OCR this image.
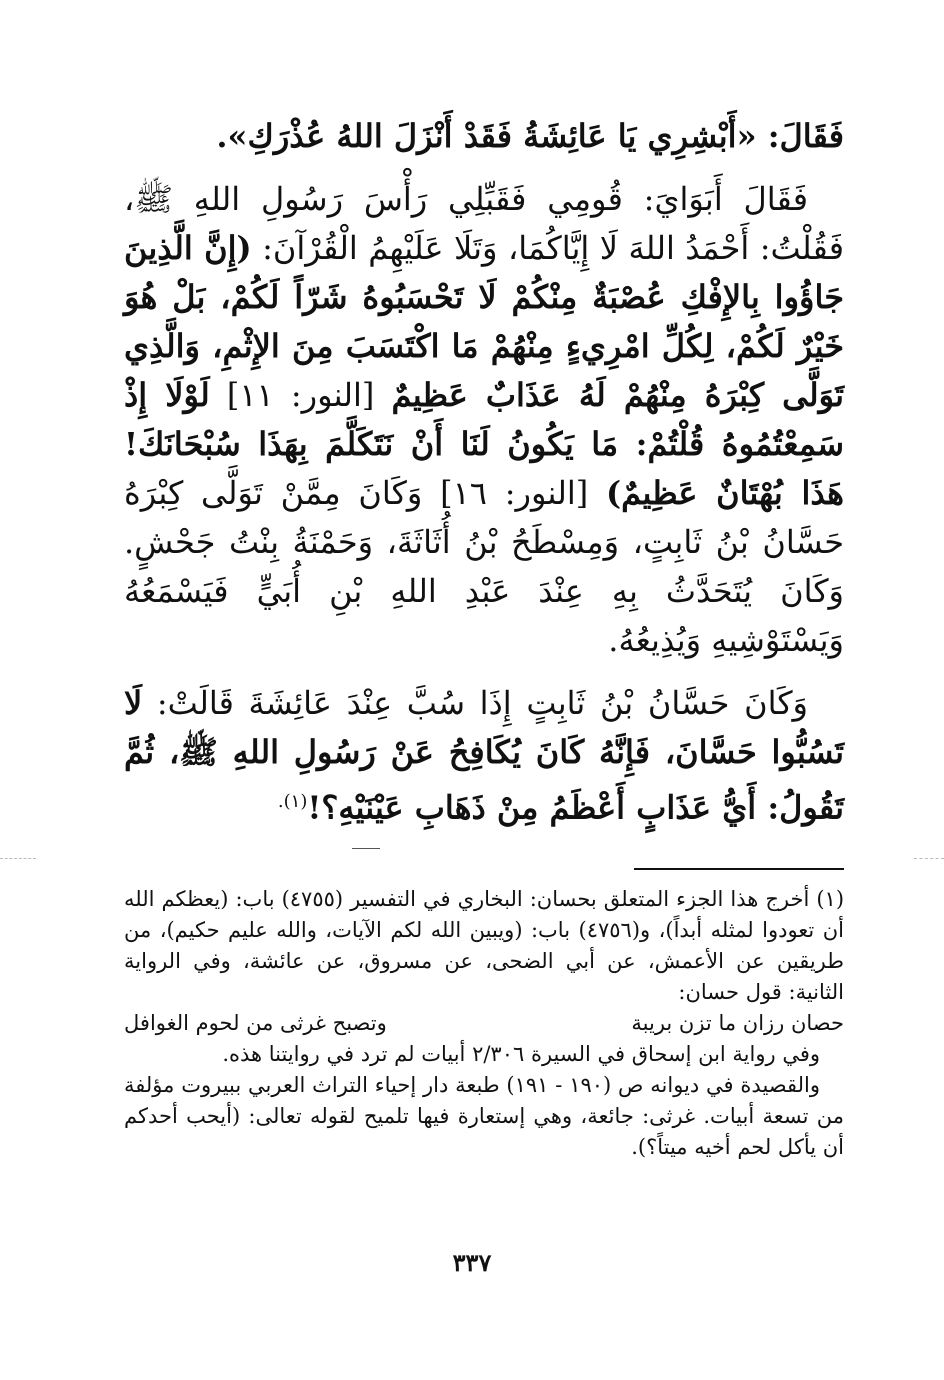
فَقَالَ: «أَبْشِرِي يَا عَائِشَةُ فَقَدْ أَنْزَلَ اللهُ عُذْرَكِ».

فَقَالَ أَبَوَايَ: قُومِي فَقَبِّلِي رَأْسَ رَسُولِ اللهِ ﷺ، فَقُلْتُ: أَحْمَدُ اللهَ لَا إِيَّاكُمَا، وَتَلَا عَلَيْهِمُ الْقُرْآنَ: (إِنَّ الَّذِينَ جَاؤُوا بِالإِفْكِ عُصْبَةٌ مِنْكُمْ لَا تَحْسَبُوهُ شَرّاً لَكُمْ، بَلْ هُوَ خَيْرٌ لَكُمْ، لِكُلِّ امْرِيءٍ مِنْهُمْ مَا اكْتَسَبَ مِنَ الإِثْمِ، وَالَّذِي تَوَلَّى كِبْرَهُ مِنْهُمْ لَهُ عَذَابٌ عَظِيمٌ [النور: ١١] لَوْلَا إِذْ سَمِعْتُمُوهُ قُلْتُمْ: مَا يَكُونُ لَنَا أَنْ نَتَكَلَّمَ بِهَذَا سُبْحَانَكَ! هَذَا بُهْتَانٌ عَظِيمٌ) [النور: ١٦] وَكَانَ مِمَّنْ تَوَلَّى كِبْرَهُ حَسَّانُ بْنُ ثَابِتٍ، وَمِسْطَحُ بْنُ أُثَاثَةَ، وَحَمْنَةُ بِنْتُ جَحْشٍ. وَكَانَ يُتَحَدَّثُ بِهِ عِنْدَ عَبْدِ اللهِ بْنِ أُبَيٍّ فَيَسْمَعُهُ وَيَسْتَوْشِيهِ وَيُذِيعُهُ.

وَكَانَ حَسَّانُ بْنُ ثَابِتٍ إِذَا سُبَّ عِنْدَ عَائِشَةَ قَالَتْ: لَا تَسُبُّوا حَسَّانَ، فَإِنَّهُ كَانَ يُكَافِحُ عَنْ رَسُولِ اللهِ ﷺ، ثُمَّ تَقُولُ: أَيُّ عَذَابٍ أَعْظَمُ مِنْ ذَهَابِ عَيْنَيْهِ؟!$^{(١).}$

(١) أخرج هذا الجزء المتعلق بحسان: البخاري في التفسير (٤٧٥٥) باب: (يعظكم الله أن تعودوا لمثله أبداً)، و(٤٧٥٦) باب: (ويبين الله لكم الآيات، والله عليم حكيم)، من طريقين عن الأعمش، عن أبي الضحى، عن مسروق، عن عائشة، وفي الرواية الثانية: قول حسان:

حصان رزان ما تزن بريبة
وتصبح غرثى من لحوم الغوافل

وفي رواية ابن إسحاق في السيرة ٢/٣٠٦ أبيات لم ترد في روايتنا هذه.

والقصيدة في ديوانه ص (١٩٠ - ١٩١) طبعة دار إحياء التراث العربي ببيروت مؤلفة من تسعة أبيات. غرثى: جائعة، وهي إستعارة فيها تلميح لقوله تعالى: (أيحب أحدكم أن يأكل لحم أخيه ميتاً؟).

٣٣٧
